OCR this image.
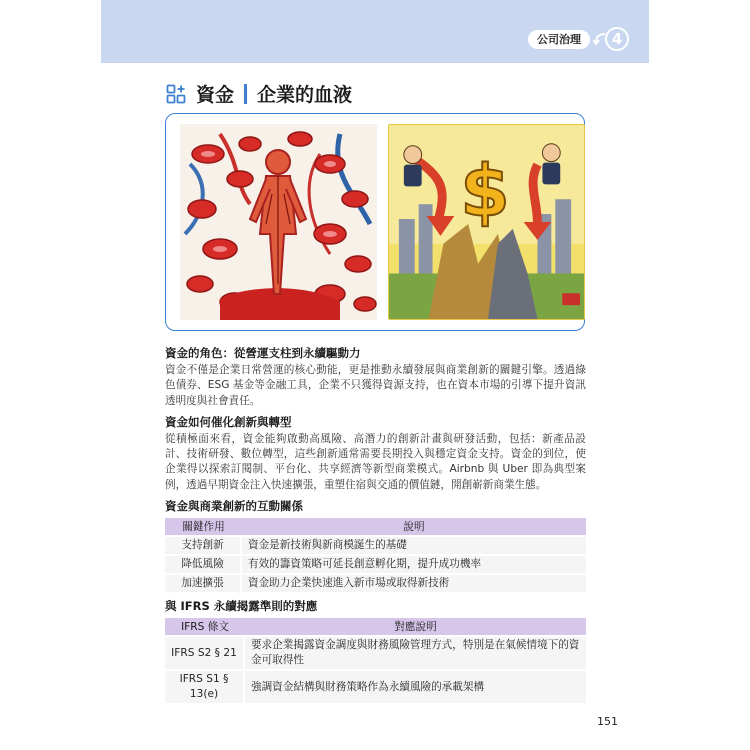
公司治理	4
資金 企業的血液
$
資金的角色：從營運支柱到永續驅動力

資金不僅是企業日常營運的核心動能，更是推動永續發展與商業創新的關鍵引擎。透過綠色債券、ESG 基金等金融工具，企業不只獲得資源支持，也在資本市場的引導下提升資訊透明度與社會責任。

資金如何催化創新與轉型

從積極面來看，資金能夠啟動高風險、高潛力的創新計畫與研發活動，包括：新產品設計、技術研發、數位轉型，這些創新通常需要長期投入與穩定資金支持。資金的到位，使企業得以探索訂閱制、平台化、共享經濟等新型商業模式。Airbnb 與 Uber 即為典型案例，透過早期資金注入快速擴張，重塑住宿與交通的價值鏈，開創嶄新商業生態。

資金與商業創新的互動關係
關鍵作用	說明
支持創新	資金是新技術與新商模誕生的基礎
降低風險	有效的籌資策略可延長創意孵化期，提升成功機率
加速擴張	資金助力企業快速進入新市場或取得新技術
與 IFRS 永續揭露準則的對應
IFRS 條文	對應說明
IFRS S2 § 21	要求企業揭露資金調度與財務風險管理方式，特別是在氣候情境下的資金可取得性
IFRS S1 § 13(e)	強調資金結構與財務策略作為永續風險的承載架構
151
